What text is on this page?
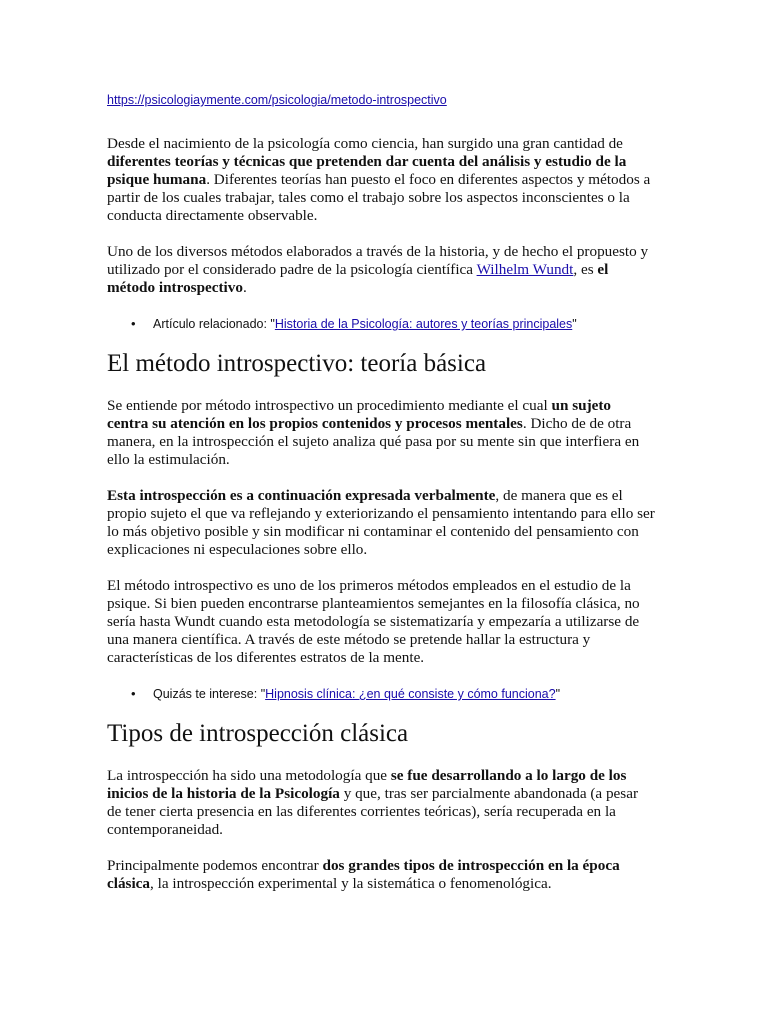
https://psicologiaymente.com/psicologia/metodo-introspectivo

Desde el nacimiento de la psicología como ciencia, han surgido una gran cantidad de diferentes teorías y técnicas que pretenden dar cuenta del análisis y estudio de la psique humana. Diferentes teorías han puesto el foco en diferentes aspectos y métodos a partir de los cuales trabajar, tales como el trabajo sobre los aspectos inconscientes o la conducta directamente observable.

Uno de los diversos métodos elaborados a través de la historia, y de hecho el propuesto y utilizado por el considerado padre de la psicología científica Wilhelm Wundt, es el método introspectivo.

• Artículo relacionado: "Historia de la Psicología: autores y teorías principales"
El método introspectivo: teoría básica

Se entiende por método introspectivo un procedimiento mediante el cual un sujeto centra su atención en los propios contenidos y procesos mentales. Dicho de de otra manera, en la introspección el sujeto analiza qué pasa por su mente sin que interfiera en ello la estimulación.

Esta introspección es a continuación expresada verbalmente, de manera que es el propio sujeto el que va reflejando y exteriorizando el pensamiento intentando para ello ser lo más objetivo posible y sin modificar ni contaminar el contenido del pensamiento con explicaciones ni especulaciones sobre ello.

El método introspectivo es uno de los primeros métodos empleados en el estudio de la psique. Si bien pueden encontrarse planteamientos semejantes en la filosofía clásica, no sería hasta Wundt cuando esta metodología se sistematizaría y empezaría a utilizarse de una manera científica. A través de este método se pretende hallar la estructura y características de los diferentes estratos de la mente.

• Quizás te interese: "Hipnosis clínica: ¿en qué consiste y cómo funciona?"
Tipos de introspección clásica

La introspección ha sido una metodología que se fue desarrollando a lo largo de los inicios de la historia de la Psicología y que, tras ser parcialmente abandonada (a pesar de tener cierta presencia en las diferentes corrientes teóricas), sería recuperada en la contemporaneidad.

Principalmente podemos encontrar dos grandes tipos de introspección en la época clásica, la introspección experimental y la sistemática o fenomenológica.
